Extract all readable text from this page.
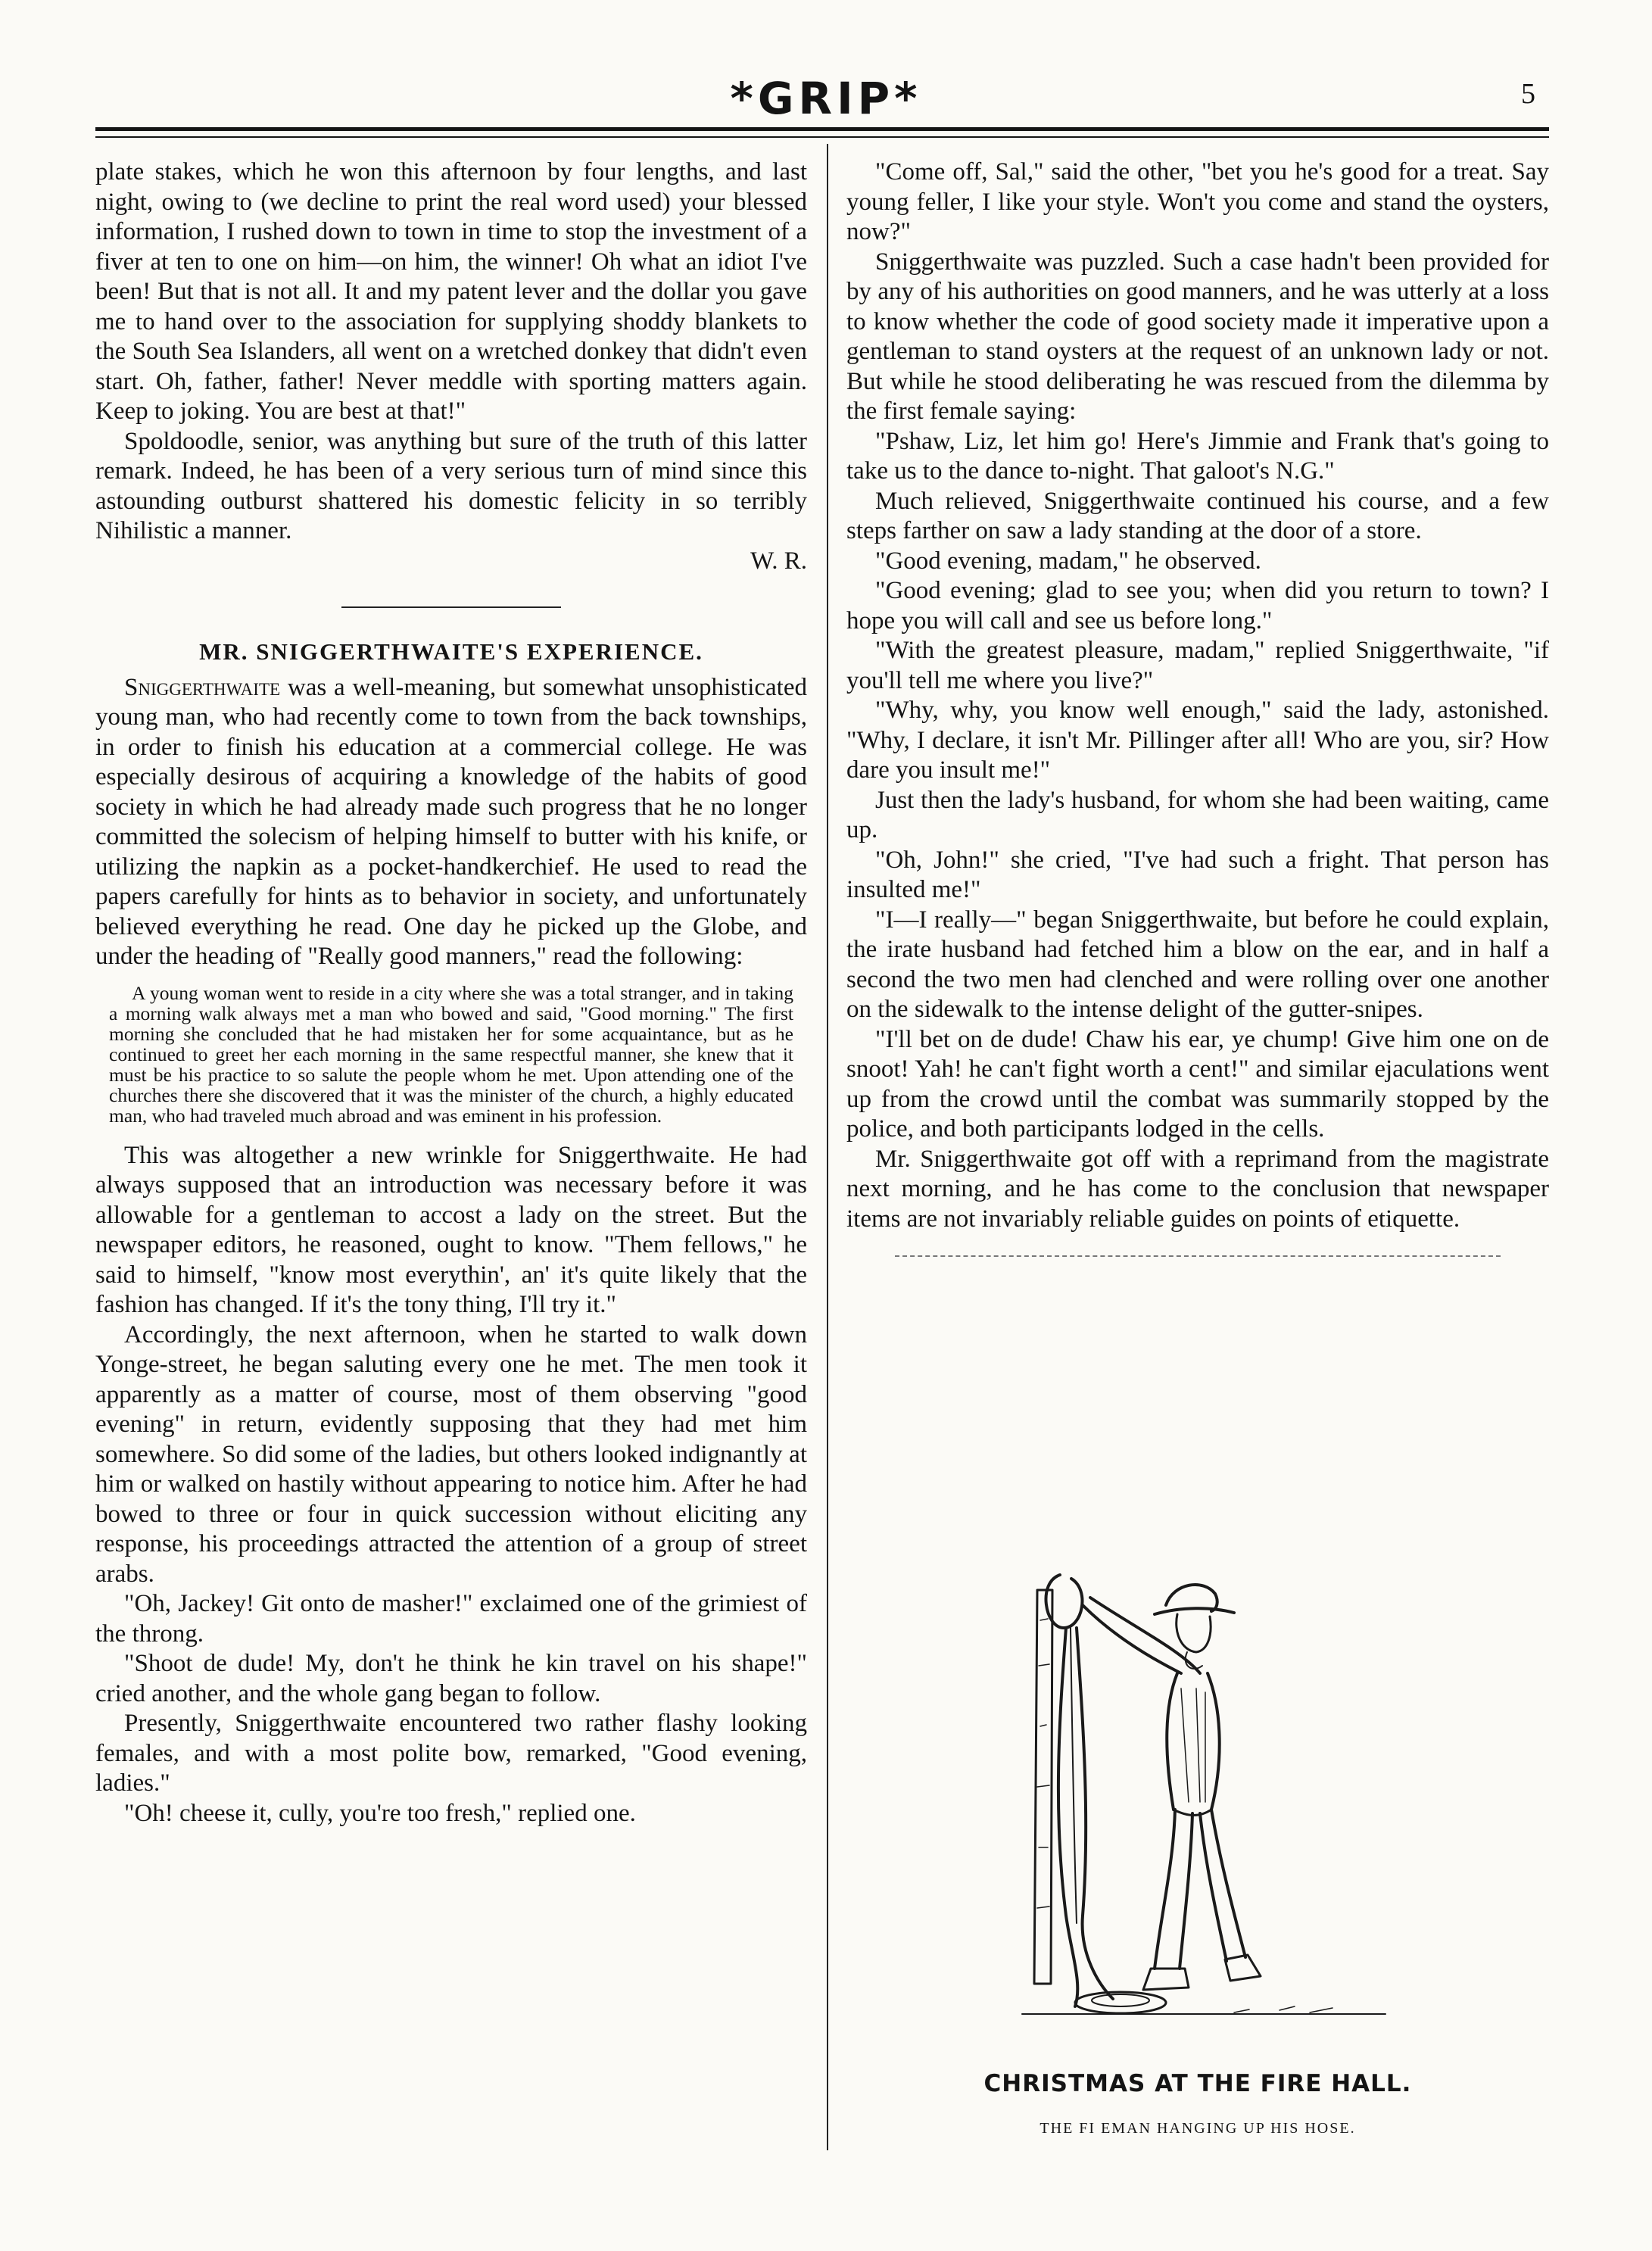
*GRIP*	5

plate stakes, which he won this afternoon by four lengths, and last night, owing to (we decline to print the real word used) your blessed information, I rushed down to town in time to stop the investment of a fiver at ten to one on him—on him, the winner! Oh what an idiot I've been! But that is not all. It and my patent lever and the dollar you gave me to hand over to the association for supplying shoddy blankets to the South Sea Islanders, all went on a wretched donkey that didn't even start. Oh, father, father! Never meddle with sporting matters again. Keep to joking. You are best at that!"

Spoldoodle, senior, was anything but sure of the truth of this latter remark. Indeed, he has been of a very serious turn of mind since this astounding outburst shattered his domestic felicity in so terribly Nihilistic a manner.

W. R.
MR. SNIGGERTHWAITE'S EXPERIENCE.

Sniggerthwaite was a well-meaning, but somewhat unsophisticated young man, who had recently come to town from the back townships, in order to finish his education at a commercial college. He was especially desirous of acquiring a knowledge of the habits of good society in which he had already made such progress that he no longer committed the solecism of helping himself to butter with his knife, or utilizing the napkin as a pocket-handkerchief. He used to read the papers carefully for hints as to behavior in society, and unfortunately believed everything he read. One day he picked up the Globe, and under the heading of "Really good manners," read the following:

A young woman went to reside in a city where she was a total stranger, and in taking a morning walk always met a man who bowed and said, "Good morning." The first morning she concluded that he had mistaken her for some acquaintance, but as he continued to greet her each morning in the same respectful manner, she knew that it must be his practice to so salute the people whom he met. Upon attending one of the churches there she discovered that it was the minister of the church, a highly educated man, who had traveled much abroad and was eminent in his profession.

This was altogether a new wrinkle for Sniggerthwaite. He had always supposed that an introduction was necessary before it was allowable for a gentleman to accost a lady on the street. But the newspaper editors, he reasoned, ought to know. "Them fellows," he said to himself, "know most everythin', an' it's quite likely that the fashion has changed. If it's the tony thing, I'll try it."

Accordingly, the next afternoon, when he started to walk down Yonge-street, he began saluting every one he met. The men took it apparently as a matter of course, most of them observing "good evening" in return, evidently supposing that they had met him somewhere. So did some of the ladies, but others looked indignantly at him or walked on hastily without appearing to notice him. After he had bowed to three or four in quick succession without eliciting any response, his proceedings attracted the attention of a group of street arabs.

"Oh, Jackey! Git onto de masher!" exclaimed one of the grimiest of the throng.

"Shoot de dude! My, don't he think he kin travel on his shape!" cried another, and the whole gang began to follow.

Presently, Sniggerthwaite encountered two rather flashy looking females, and with a most polite bow, remarked, "Good evening, ladies."

"Oh! cheese it, cully, you're too fresh," replied one.

"Come off, Sal," said the other, "bet you he's good for a treat. Say young feller, I like your style. Won't you come and stand the oysters, now?"

Sniggerthwaite was puzzled. Such a case hadn't been provided for by any of his authorities on good manners, and he was utterly at a loss to know whether the code of good society made it imperative upon a gentleman to stand oysters at the request of an unknown lady or not. But while he stood deliberating he was rescued from the dilemma by the first female saying:

"Pshaw, Liz, let him go! Here's Jimmie and Frank that's going to take us to the dance to-night. That galoot's N.G."

Much relieved, Sniggerthwaite continued his course, and a few steps farther on saw a lady standing at the door of a store.

"Good evening, madam," he observed.

"Good evening; glad to see you; when did you return to town? I hope you will call and see us before long."

"With the greatest pleasure, madam," replied Sniggerthwaite, "if you'll tell me where you live?"

"Why, why, you know well enough," said the lady, astonished. "Why, I declare, it isn't Mr. Pillinger after all! Who are you, sir? How dare you insult me!"

Just then the lady's husband, for whom she had been waiting, came up.

"Oh, John!" she cried, "I've had such a fright. That person has insulted me!"

"I—I really—" began Sniggerthwaite, but before he could explain, the irate husband had fetched him a blow on the ear, and in half a second the two men had clenched and were rolling over one another on the sidewalk to the intense delight of the gutter-snipes.

"I'll bet on de dude! Chaw his ear, ye chump! Give him one on de snoot! Yah! he can't fight worth a cent!" and similar ejaculations went up from the crowd until the combat was summarily stopped by the police, and both participants lodged in the cells.

Mr. Sniggerthwaite got off with a reprimand from the magistrate next morning, and he has come to the conclusion that newspaper items are not invariably reliable guides on points of etiquette.

CHRISTMAS AT THE FIRE HALL.
THE FI EMAN HANGING UP HIS HOSE.
